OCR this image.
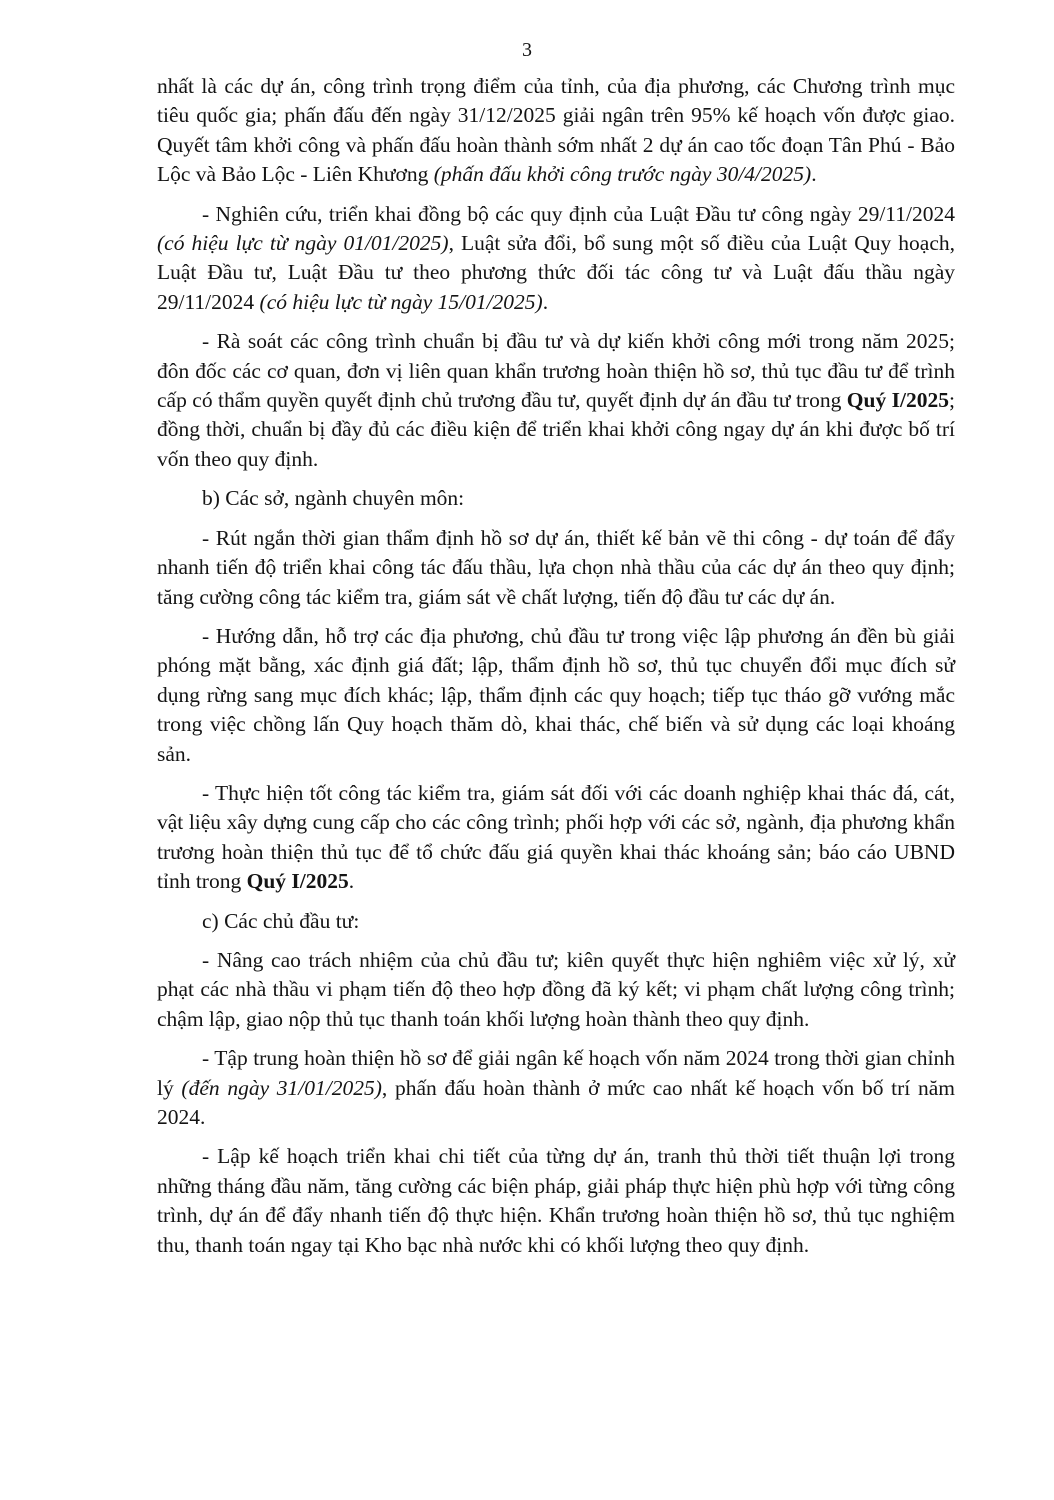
3

nhất là các dự án, công trình trọng điểm của tỉnh, của địa phương, các Chương trình mục tiêu quốc gia; phấn đấu đến ngày 31/12/2025 giải ngân trên 95% kế hoạch vốn được giao. Quyết tâm khởi công và phấn đấu hoàn thành sớm nhất 2 dự án cao tốc đoạn Tân Phú - Bảo Lộc và Bảo Lộc - Liên Khương (phấn đấu khởi công trước ngày 30/4/2025).

- Nghiên cứu, triển khai đồng bộ các quy định của Luật Đầu tư công ngày 29/11/2024 (có hiệu lực từ ngày 01/01/2025), Luật sửa đổi, bổ sung một số điều của Luật Quy hoạch, Luật Đầu tư, Luật Đầu tư theo phương thức đối tác công tư và Luật đấu thầu ngày 29/11/2024 (có hiệu lực từ ngày 15/01/2025).

- Rà soát các công trình chuẩn bị đầu tư và dự kiến khởi công mới trong năm 2025; đôn đốc các cơ quan, đơn vị liên quan khẩn trương hoàn thiện hồ sơ, thủ tục đầu tư để trình cấp có thẩm quyền quyết định chủ trương đầu tư, quyết định dự án đầu tư trong Quý I/2025; đồng thời, chuẩn bị đầy đủ các điều kiện để triển khai khởi công ngay dự án khi được bố trí vốn theo quy định.

b) Các sở, ngành chuyên môn:

- Rút ngắn thời gian thẩm định hồ sơ dự án, thiết kế bản vẽ thi công - dự toán để đẩy nhanh tiến độ triển khai công tác đấu thầu, lựa chọn nhà thầu của các dự án theo quy định; tăng cường công tác kiểm tra, giám sát về chất lượng, tiến độ đầu tư các dự án.

- Hướng dẫn, hỗ trợ các địa phương, chủ đầu tư trong việc lập phương án đền bù giải phóng mặt bằng, xác định giá đất; lập, thẩm định hồ sơ, thủ tục chuyển đổi mục đích sử dụng rừng sang mục đích khác; lập, thẩm định các quy hoạch; tiếp tục tháo gỡ vướng mắc trong việc chồng lấn Quy hoạch thăm dò, khai thác, chế biến và sử dụng các loại khoáng sản.

- Thực hiện tốt công tác kiểm tra, giám sát đối với các doanh nghiệp khai thác đá, cát, vật liệu xây dựng cung cấp cho các công trình; phối hợp với các sở, ngành, địa phương khẩn trương hoàn thiện thủ tục để tổ chức đấu giá quyền khai thác khoáng sản; báo cáo UBND tỉnh trong Quý I/2025.

c) Các chủ đầu tư:

- Nâng cao trách nhiệm của chủ đầu tư; kiên quyết thực hiện nghiêm việc xử lý, xử phạt các nhà thầu vi phạm tiến độ theo hợp đồng đã ký kết; vi phạm chất lượng công trình; chậm lập, giao nộp thủ tục thanh toán khối lượng hoàn thành theo quy định.

- Tập trung hoàn thiện hồ sơ để giải ngân kế hoạch vốn năm 2024 trong thời gian chỉnh lý (đến ngày 31/01/2025), phấn đấu hoàn thành ở mức cao nhất kế hoạch vốn bố trí năm 2024.

- Lập kế hoạch triển khai chi tiết của từng dự án, tranh thủ thời tiết thuận lợi trong những tháng đầu năm, tăng cường các biện pháp, giải pháp thực hiện phù hợp với từng công trình, dự án để đẩy nhanh tiến độ thực hiện. Khẩn trương hoàn thiện hồ sơ, thủ tục nghiệm thu, thanh toán ngay tại Kho bạc nhà nước khi có khối lượng theo quy định.
